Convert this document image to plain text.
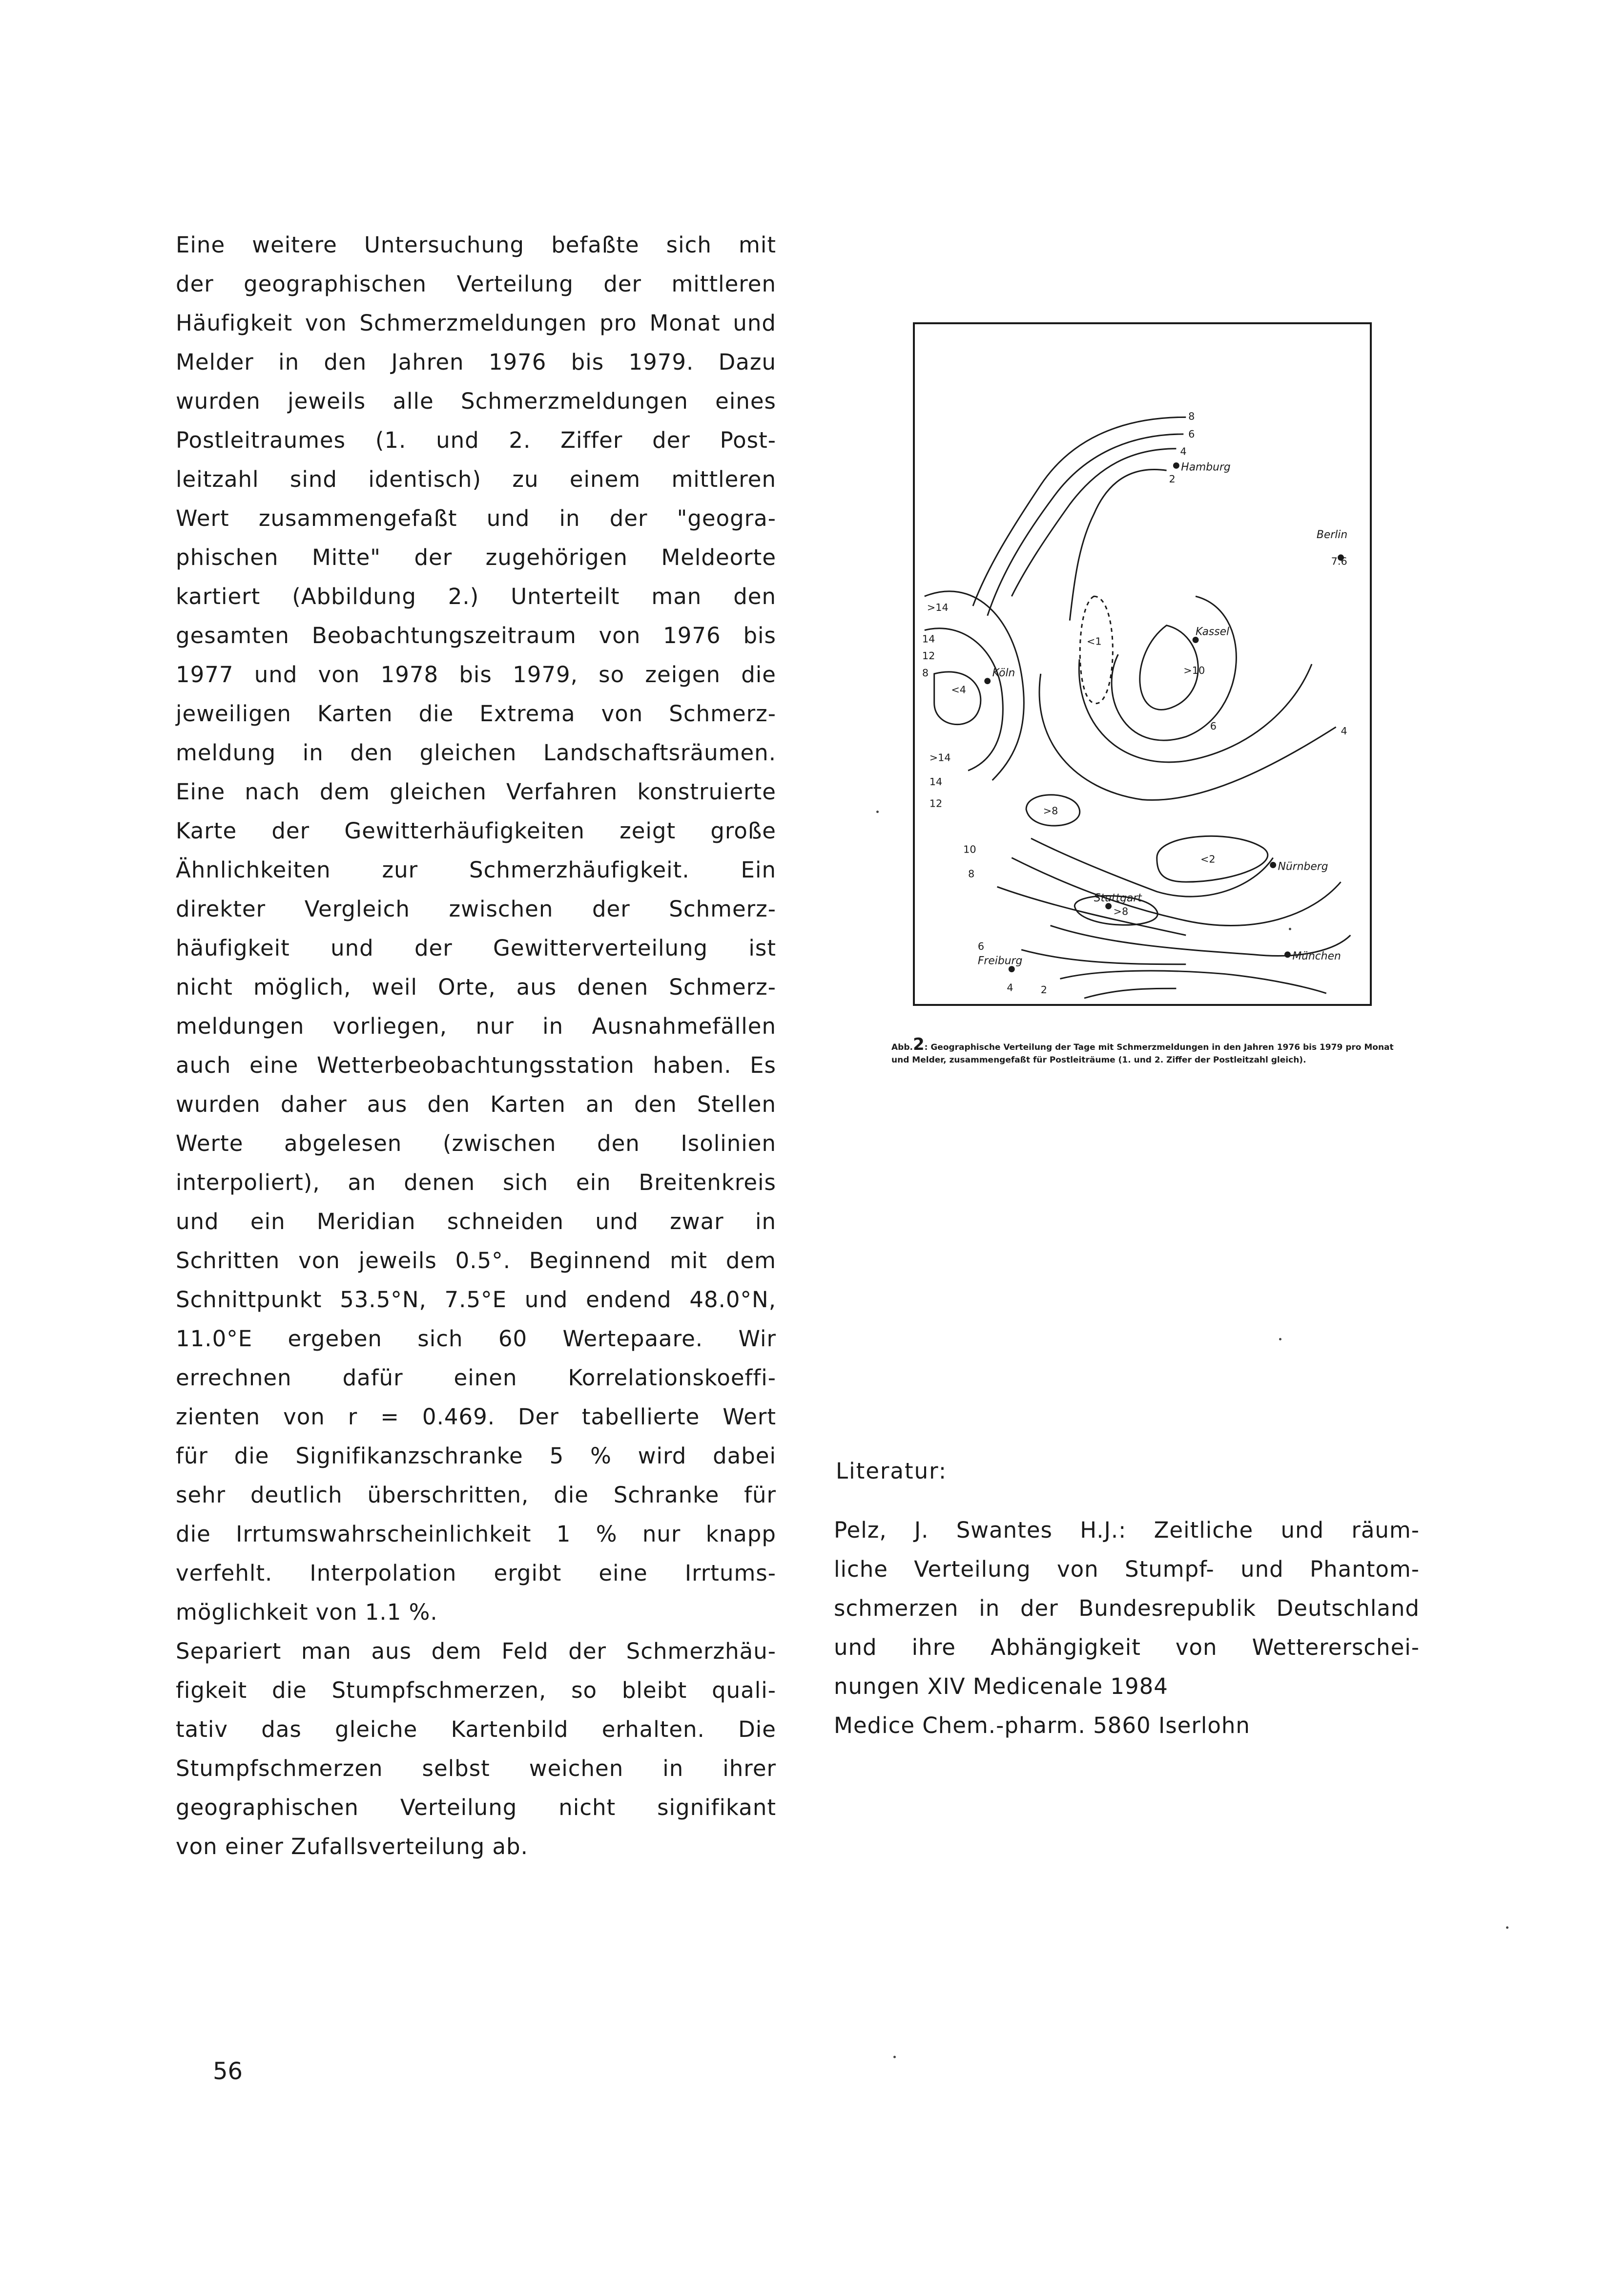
Eine weitere Untersuchung befaßte sich mit
der geographischen Verteilung der mittleren
Häufigkeit von Schmerzmeldungen pro Monat und
Melder in den Jahren 1976 bis 1979. Dazu
wurden jeweils alle Schmerzmeldungen eines
Postleitraumes (1. und 2. Ziffer der Post-
leitzahl sind identisch) zu einem mittleren
Wert zusammengefaßt und in der "geogra-
phischen Mitte" der zugehörigen Meldeorte
kartiert (Abbildung 2.) Unterteilt man den
gesamten Beobachtungszeitraum von 1976 bis
1977 und von 1978 bis 1979, so zeigen die
jeweiligen Karten die Extrema von Schmerz-
meldung in den gleichen Landschaftsräumen.
Eine nach dem gleichen Verfahren konstruierte
Karte der Gewitterhäufigkeiten zeigt große
Ähnlichkeiten zur Schmerzhäufigkeit. Ein
direkter Vergleich zwischen der Schmerz-
häufigkeit und der Gewitterverteilung ist
nicht möglich, weil Orte, aus denen Schmerz-
meldungen vorliegen, nur in Ausnahmefällen
auch eine Wetterbeobachtungsstation haben. Es
wurden daher aus den Karten an den Stellen
Werte abgelesen (zwischen den Isolinien
interpoliert), an denen sich ein Breitenkreis
und ein Meridian schneiden und zwar in
Schritten von jeweils 0.5°. Beginnend mit dem
Schnittpunkt 53.5°N, 7.5°E und endend 48.0°N,
11.0°E ergeben sich 60 Wertepaare. Wir
errechnen dafür einen Korrelationskoeffi-
zienten von r = 0.469. Der tabellierte Wert
für die Signifikanzschranke 5 % wird dabei
sehr deutlich überschritten, die Schranke für
die Irrtumswahrscheinlichkeit 1 % nur knapp
verfehlt. Interpolation ergibt eine Irrtums-
möglichkeit von 1.1 %.
Separiert man aus dem Feld der Schmerzhäu-
figkeit die Stumpfschmerzen, so bleibt quali-
tativ das gleiche Kartenbild erhalten. Die
Stumpfschmerzen selbst weichen in ihrer
geographischen Verteilung nicht signifikant
von einer Zufallsverteilung ab.
Hamburg
Berlin
Kassel
Köln
Nürnberg
Stuttgart
München
Freiburg
7.6
>10
<4
>14
>14
>8
<2
>8
<1
8
6
4
2
14
12
8
6	4
14
12
10
8
6
4	2
Abb.2: Geographische Verteilung der Tage mit Schmerzmeldungen in den Jahren 1976 bis 1979 pro Monat und Melder, zusammengefaßt für Postleiträume (1. und 2. Ziffer der Postleitzahl gleich).
Literatur:
Pelz, J. Swantes H.J.: Zeitliche und räum-
liche Verteilung von Stumpf- und Phantom-
schmerzen in der Bundesrepublik Deutschland
und ihre Abhängigkeit von Wettererschei-
nungen XIV Medicenale 1984
Medice Chem.-pharm. 5860 Iserlohn
56
